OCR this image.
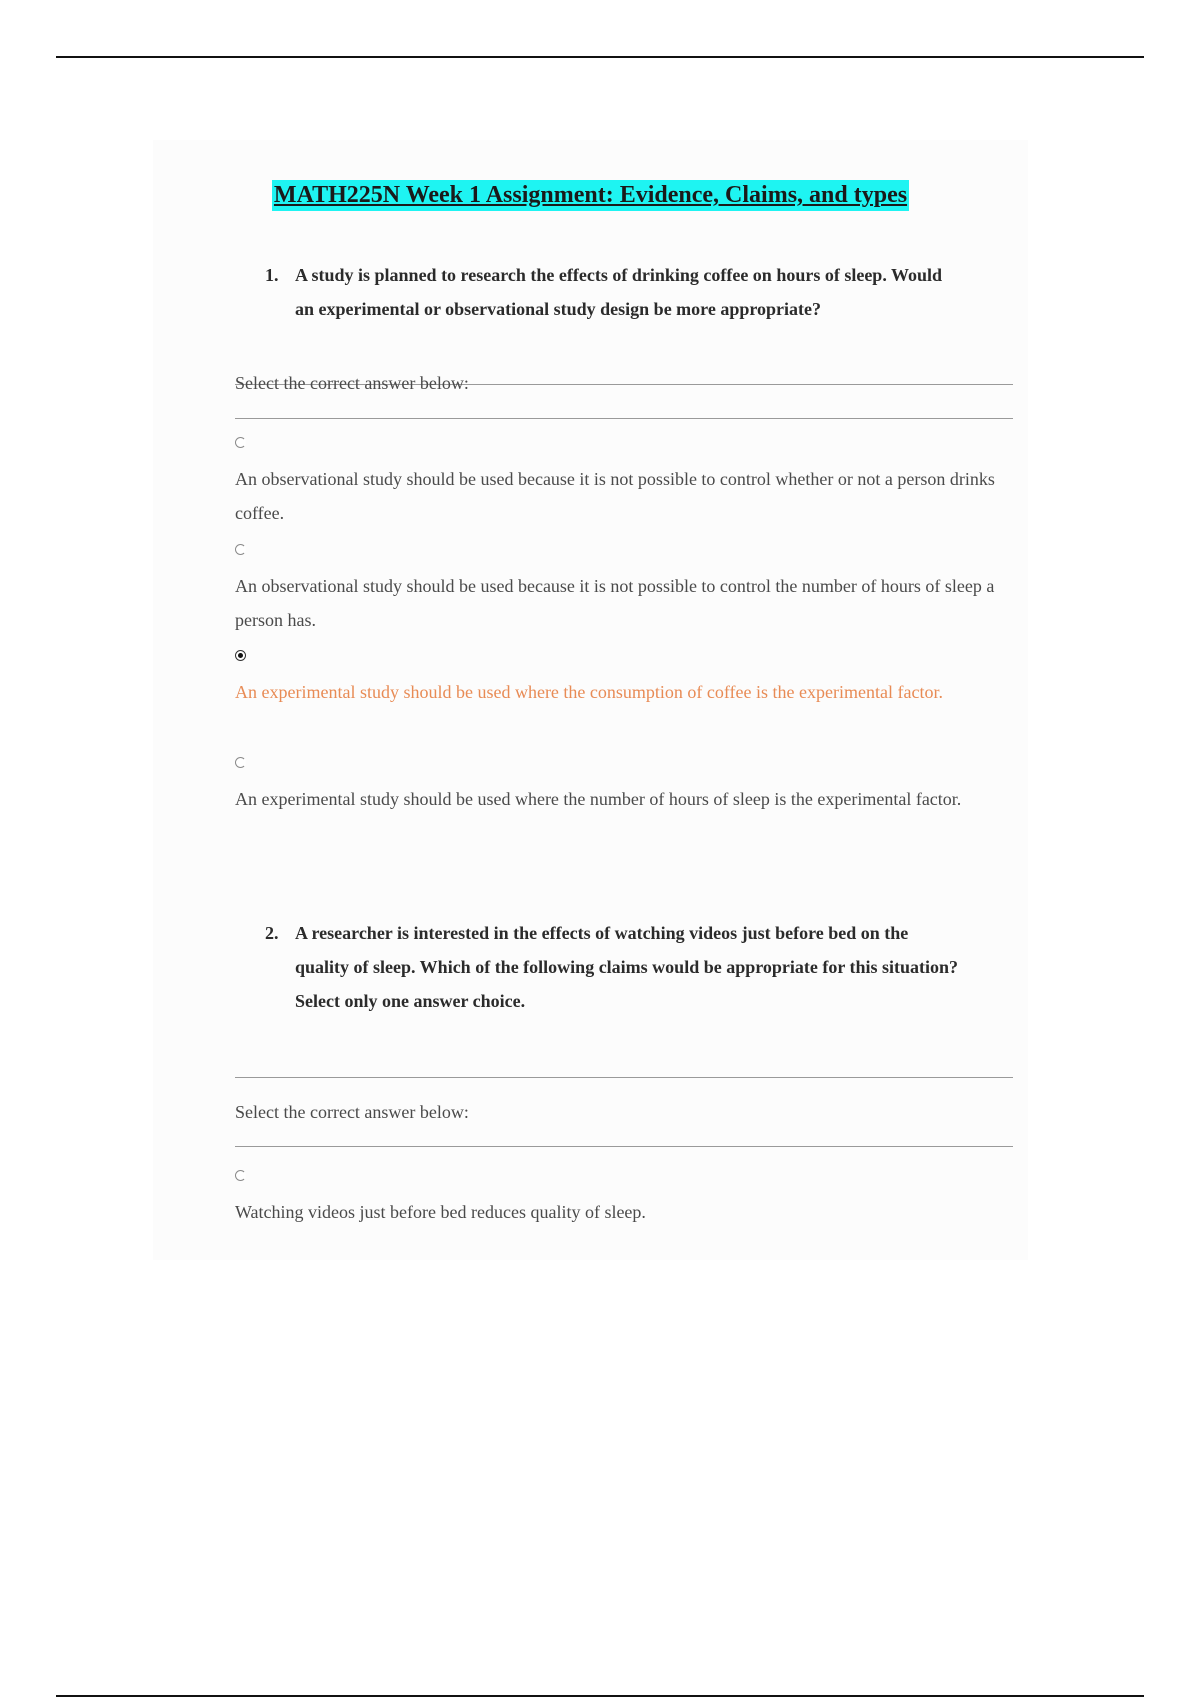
MATH225N Week 1 Assignment: Evidence, Claims, and types
1. A study is planned to research the effects of drinking coffee on hours of sleep. Would an experimental or observational study design be more appropriate?
Select the correct answer below:
An observational study should be used because it is not possible to control whether or not a person drinks coffee.
An observational study should be used because it is not possible to control the number of hours of sleep a person has.
An experimental study should be used where the consumption of coffee is the experimental factor.
An experimental study should be used where the number of hours of sleep is the experimental factor.
2. A researcher is interested in the effects of watching videos just before bed on the quality of sleep. Which of the following claims would be appropriate for this situation? Select only one answer choice.
Select the correct answer below:
Watching videos just before bed reduces quality of sleep.
